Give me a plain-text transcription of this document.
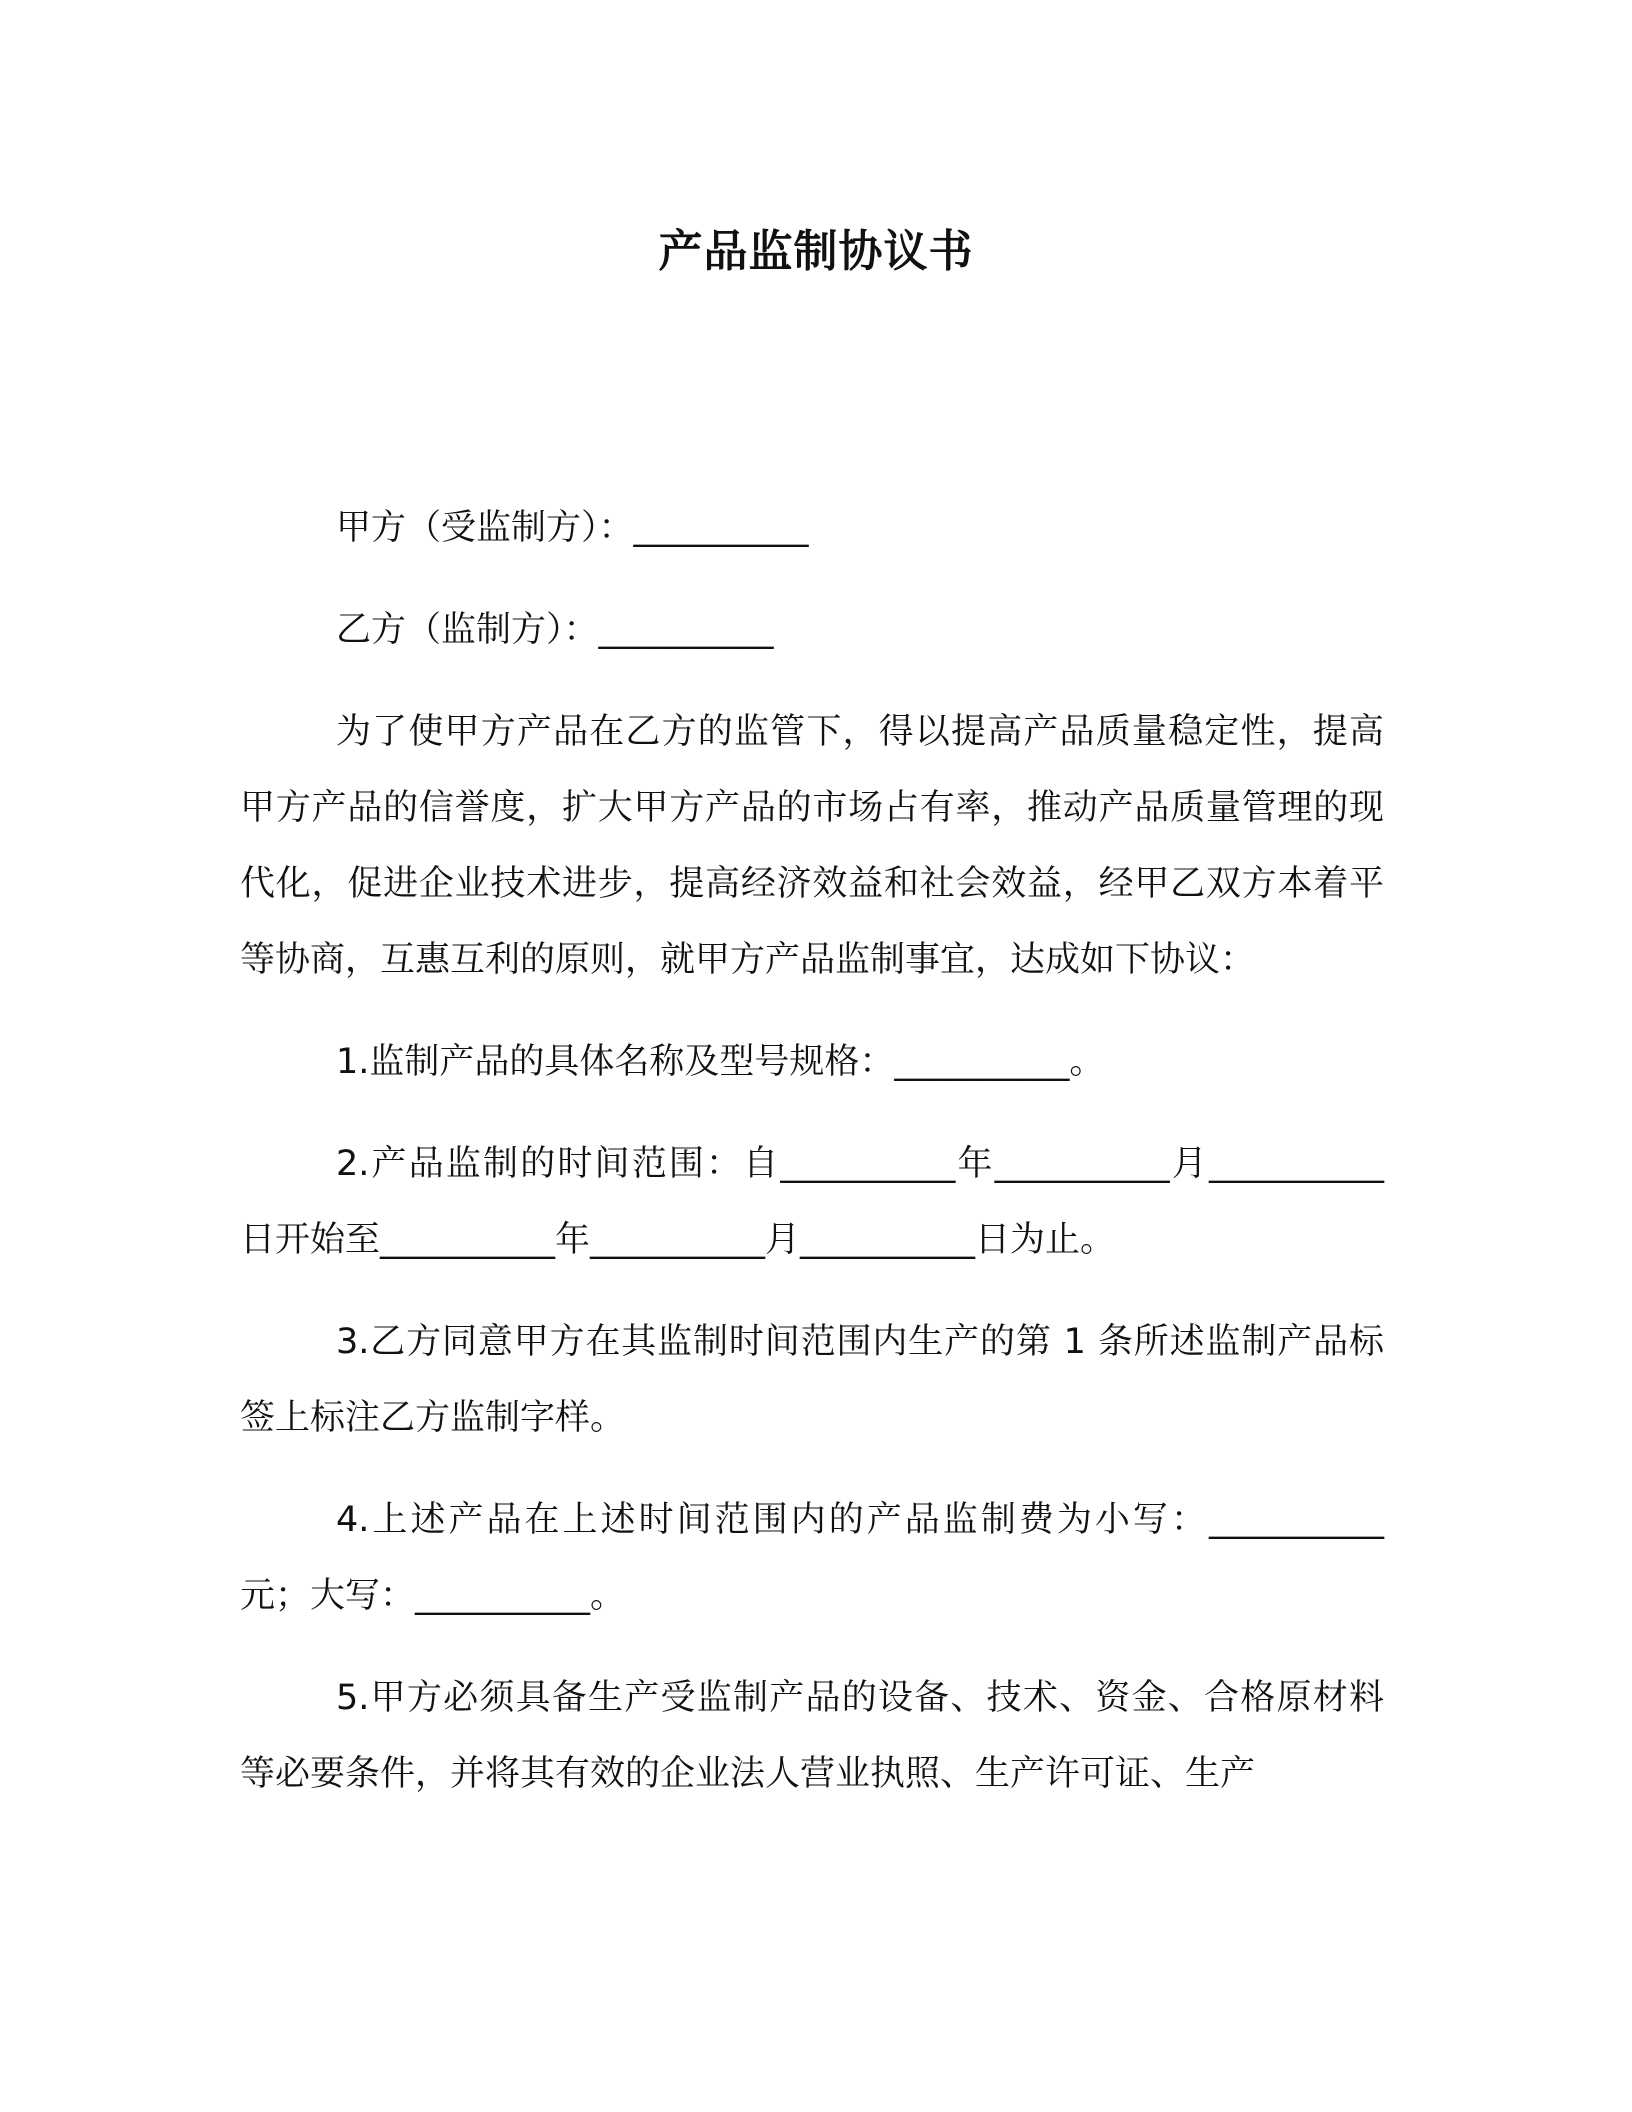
产品监制协议书

甲方（受监制方）：__________

乙方（监制方）：__________

为了使甲方产品在乙方的监管下，得以提高产品质量稳定性，提高甲方产品的信誉度，扩大甲方产品的市场占有率，推动产品质量管理的现代化，促进企业技术进步，提高经济效益和社会效益，经甲乙双方本着平等协商，互惠互利的原则，就甲方产品监制事宜，达成如下协议：

1.监制产品的具体名称及型号规格：__________。

2.产品监制的时间范围：自__________年__________月__________日开始至__________年__________月__________日为止。

3.乙方同意甲方在其监制时间范围内生产的第 1 条所述监制产品标签上标注乙方监制字样。

4.上述产品在上述时间范围内的产品监制费为小写：__________元；大写：__________。

5.甲方必须具备生产受监制产品的设备、技术、资金、合格原材料等必要条件，并将其有效的企业法人营业执照、生产许可证、生产
